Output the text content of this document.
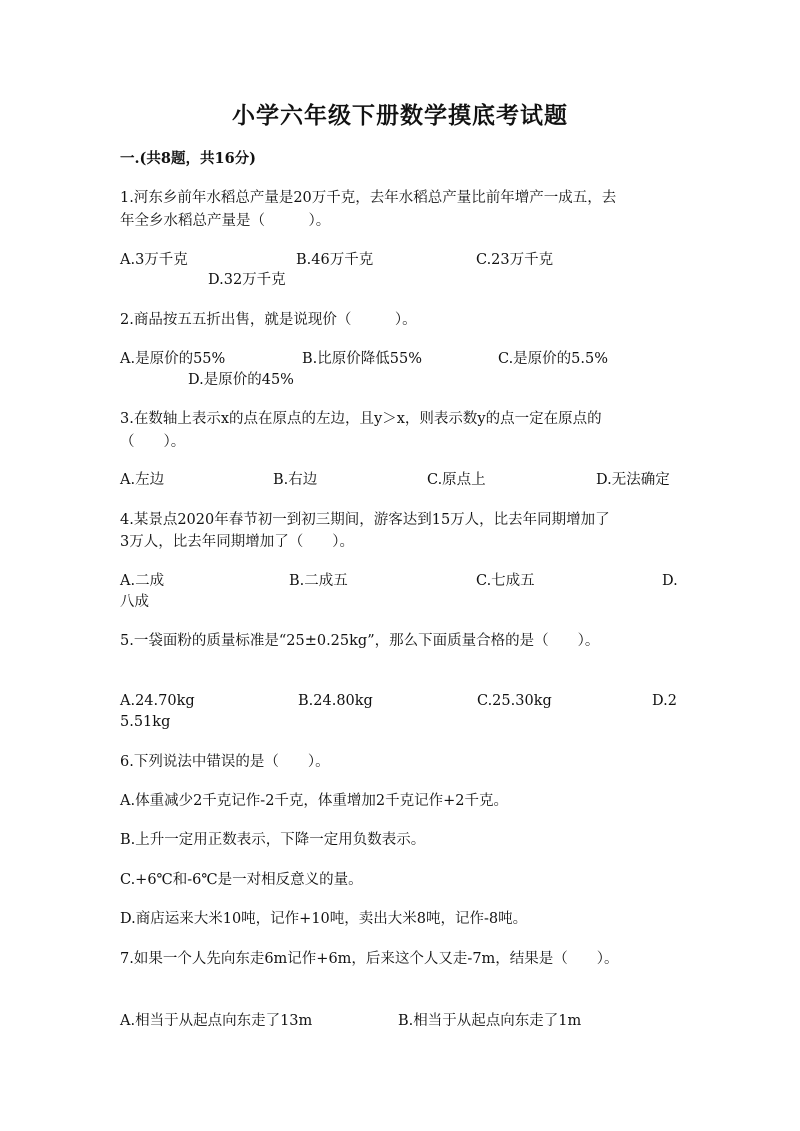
小学六年级下册数学摸底考试题
一.(共8题，共16分)
1.河东乡前年水稻总产量是20万千克，去年水稻总产量比前年增产一成五，去
年全乡水稻总产量是（　　　）。
A.3万千克	B.46万千克	C.23万千克
D.32万千克
2.商品按五五折出售，就是说现价（　　　）。
A.是原价的55%	B.比原价降低55%	C.是原价的5.5%
D.是原价的45%
3.在数轴上表示x的点在原点的左边，且y＞x，则表示数y的点一定在原点的
（　　）。
A.左边	B.右边	C.原点上	D.无法确定
4.某景点2020年春节初一到初三期间，游客达到15万人，比去年同期增加了
3万人，比去年同期增加了（　　）。
A.二成	B.二成五	C.七成五	D.
八成
5.一袋面粉的质量标准是“25±0.25kg”，那么下面质量合格的是（　　）。
A.24.70kg	B.24.80kg	C.25.30kg	D.2
5.51kg
6.下列说法中错误的是（　　）。
A.体重减少2千克记作-2千克，体重增加2千克记作+2千克。
B.上升一定用正数表示，下降一定用负数表示。
C.+6℃和-6℃是一对相反意义的量。
D.商店运来大米10吨，记作+10吨，卖出大米8吨，记作-8吨。
7.如果一个人先向东走6m记作+6m，后来这个人又走-7m，结果是（　　）。
A.相当于从起点向东走了13m	B.相当于从起点向东走了1m
